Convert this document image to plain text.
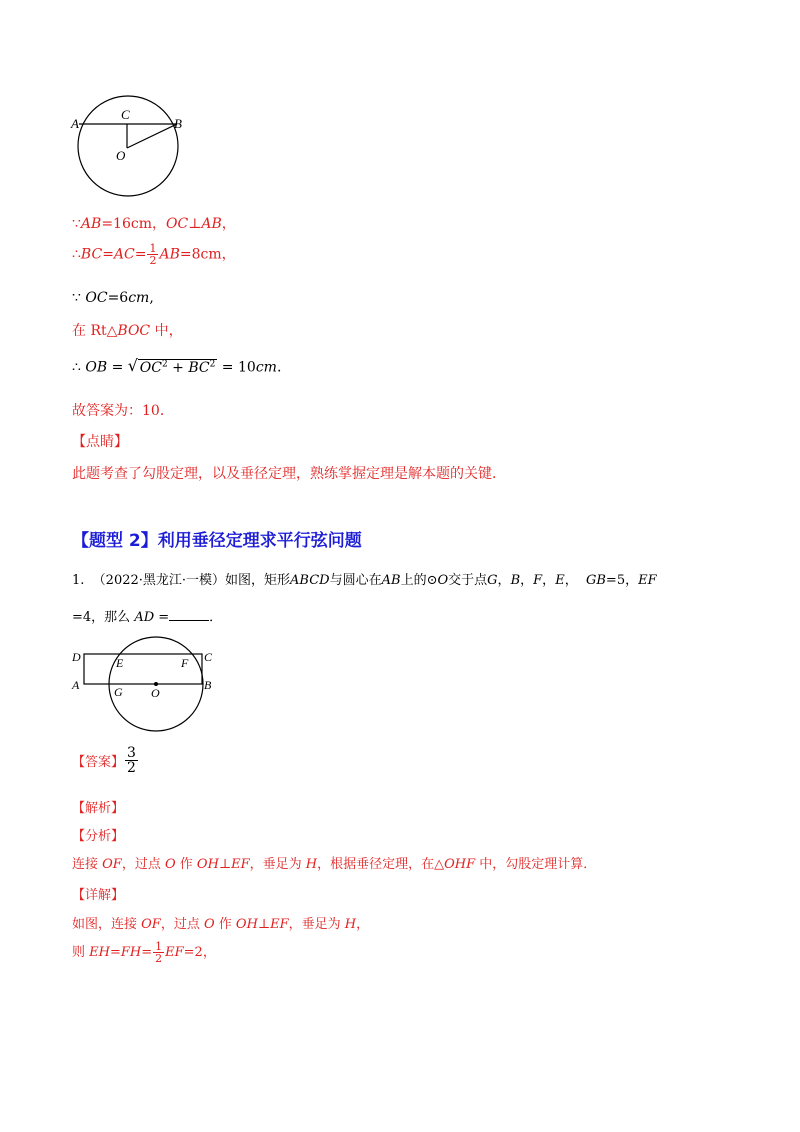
A
C
B
O
∵AB=16cm，OC⊥AB，
∴BC=AC= $\frac{1}{2} AB=8cm$，
∵ OC=6cm,
在 Rt△BOC 中，
∴ OB = √ $OC^2 + BC^2 = 10cm$.
故答案为：10．
【点睛】
此题考查了勾股定理，以及垂径定理，熟练掌握定理是解本题的关键．
【题型 2】利用垂径定理求平行弦问题
1. （2022·黑龙江·一模）如图，矩形ABCD与圆心在AB上的⊙O交于点G，B，F，E， GB=5，EF
=4，那么 AD =	．
D	E	F C
A	G O
B
【答案】 $\frac{3}{2}$
【解析】
【分析】
连接 OF，过点 O 作 OH⊥EF，垂足为 H，根据垂径定理，在△OHF 中，勾股定理计算．
【详解】
如图，连接 OF，过点 O 作 OH⊥EF，垂足为 H，
则 $EH=FH= \frac{1}{2} EF=2$，
